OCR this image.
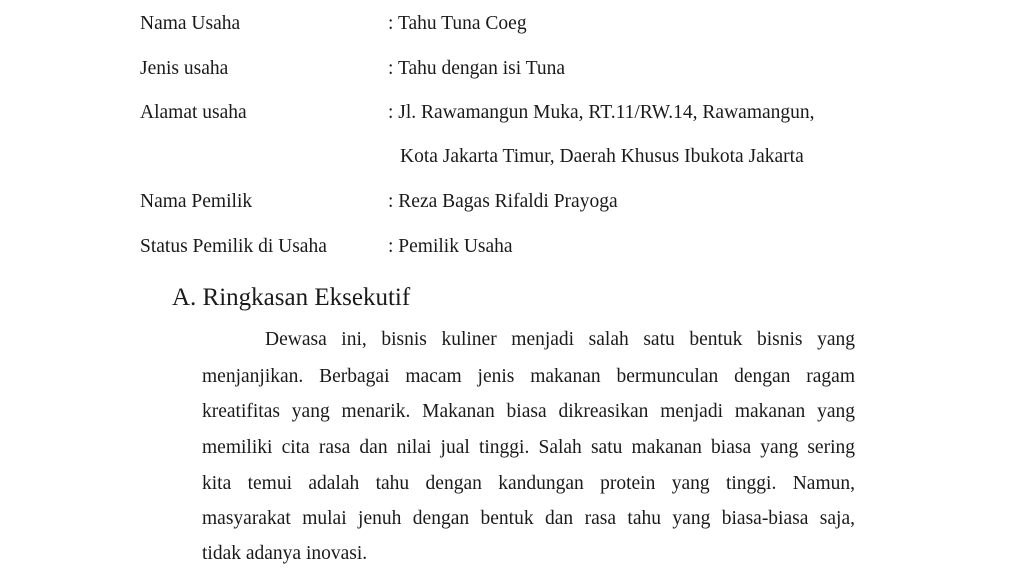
Nama Usaha	: Tahu Tuna Coeg
Jenis usaha	: Tahu dengan isi Tuna
Alamat usaha	: Jl. Rawamangun Muka, RT.11/RW.14, Rawamangun,
Kota Jakarta Timur, Daerah Khusus Ibukota Jakarta
Nama Pemilik	: Reza Bagas Rifaldi Prayoga
Status Pemilik di Usaha	: Pemilik Usaha
A. Ringkasan Eksekutif
Dewasa ini, bisnis kuliner menjadi salah satu bentuk bisnis yang
menjanjikan. Berbagai macam jenis makanan bermunculan dengan ragam
kreatifitas yang menarik. Makanan biasa dikreasikan menjadi makanan yang
memiliki cita rasa dan nilai jual tinggi. Salah satu makanan biasa yang sering
kita temui adalah tahu dengan kandungan protein yang tinggi. Namun,
masyarakat mulai jenuh dengan bentuk dan rasa tahu yang biasa-biasa saja,
tidak adanya inovasi.
